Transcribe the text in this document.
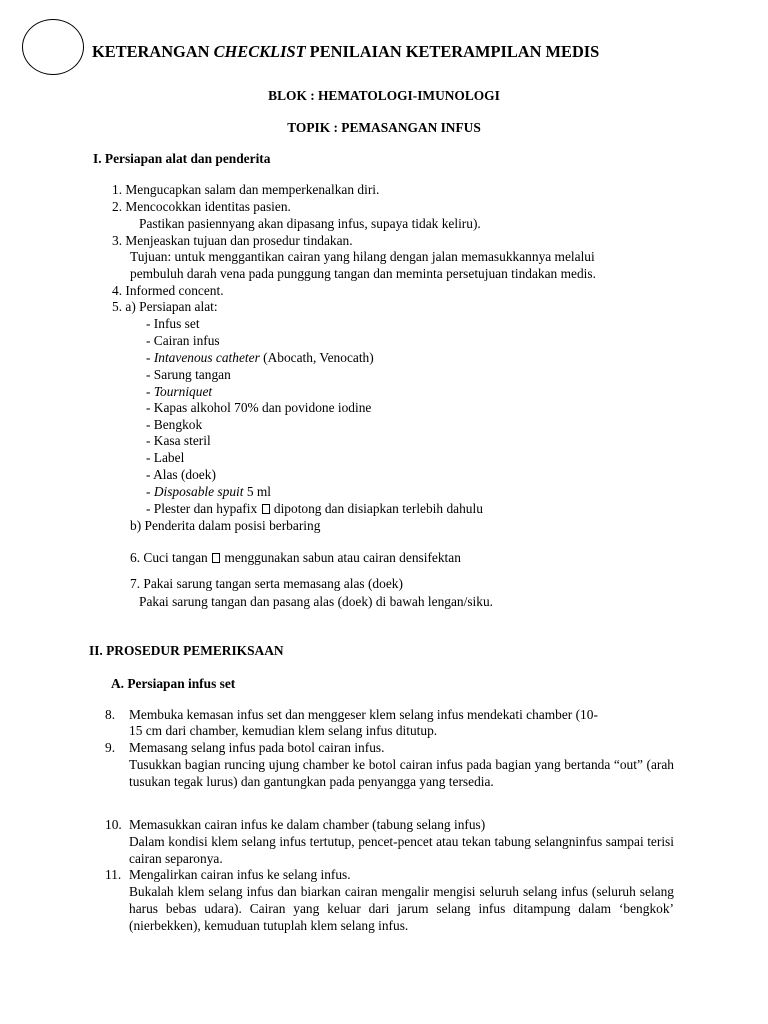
KETERANGAN CHECKLIST PENILAIAN KETERAMPILAN MEDIS
BLOK : HEMATOLOGI-IMUNOLOGI
TOPIK : PEMASANGAN INFUS
I. Persiapan alat dan penderita
1. Mengucapkan salam dan memperkenalkan diri.
2. Mencocokkan identitas pasien.
Pastikan pasiennyang akan dipasang infus, supaya tidak keliru).
3. Menjeaskan tujuan dan prosedur tindakan.
Tujuan: untuk menggantikan cairan yang hilang dengan jalan memasukkannya melalui
pembuluh darah vena pada punggung tangan dan meminta persetujuan tindakan medis.
4. Informed concent.
5. a) Persiapan alat:
- Infus set
- Cairan infus
- Intavenous catheter (Abocath, Venocath)
- Sarung tangan
- Tourniquet
- Kapas alkohol 70% dan povidone iodine
- Bengkok
- Kasa steril
- Label
- Alas (doek)
- Disposable spuit 5 ml
- Plester dan hypafix  dipotong dan disiapkan terlebih dahulu
b) Penderita dalam posisi berbaring
6. Cuci tangan  menggunakan sabun atau cairan densifektan
7. Pakai sarung tangan serta memasang alas (doek)
Pakai sarung tangan dan pasang alas (doek) di bawah lengan/siku.
II. PROSEDUR PEMERIKSAAN
A. Persiapan infus set
8. Membuka kemasan infus set dan menggeser klem selang infus mendekati chamber (10-
15 cm dari chamber, kemudian klem selang infus ditutup.
9. Memasang selang infus pada botol cairan infus.
Tusukkan bagian runcing ujung chamber ke botol cairan infus pada bagian yang bertanda “out” (arah tusukan tegak lurus) dan gantungkan pada penyangga yang tersedia.
10. Memasukkan cairan infus ke dalam chamber (tabung selang infus)
Dalam kondisi klem selang infus tertutup, pencet-pencet atau tekan tabung selangninfus sampai terisi cairan separonya.
11. Mengalirkan cairan infus ke selang infus.
Bukalah klem selang infus dan biarkan cairan mengalir mengisi seluruh selang infus (seluruh selang harus bebas udara). Cairan yang keluar dari jarum selang infus ditampung dalam ‘bengkok’ (nierbekken), kemuduan tutuplah klem selang infus.
